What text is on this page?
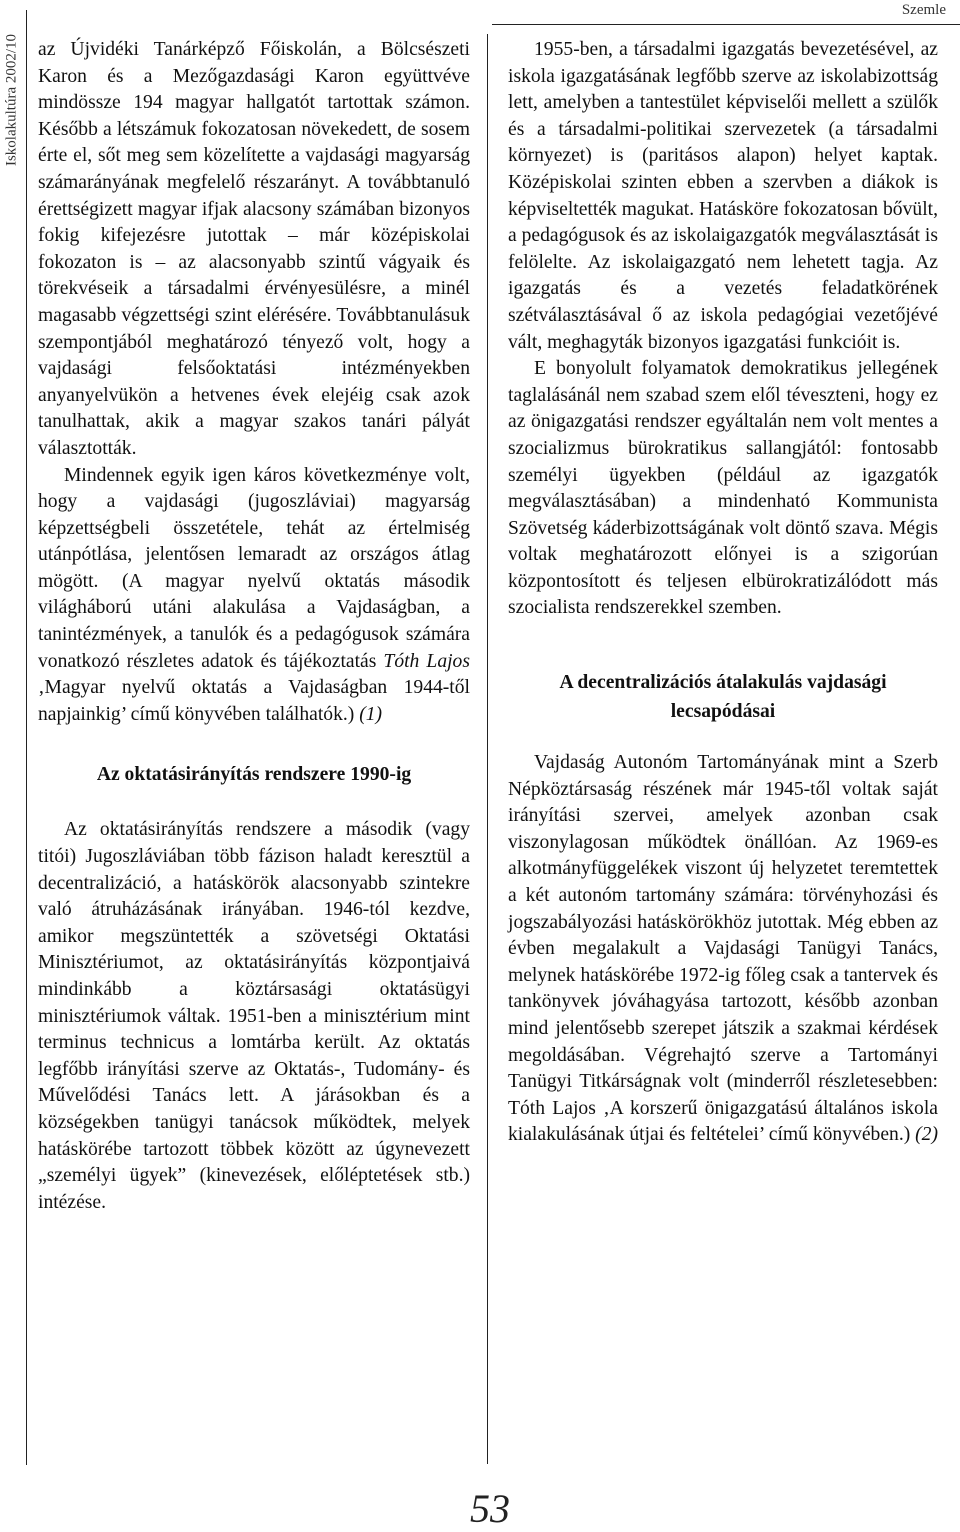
Iskolakultúra 2002/10
Szemle

az Újvidéki Tanárképző Főiskolán, a Bölcsészeti Karon és a Mezőgazdasági Karon együttvéve mindössze 194 magyar hallgatót tartottak számon. Később a létszámuk fokozatosan növekedett, de sosem érte el, sőt meg sem közelítette a vajdasági magyarság számarányának megfelelő részarányt. A továbbtanuló érettségizett magyar ifjak alacsony számában bizonyos fokig kifejezésre jutottak – már középiskolai fokozaton is – az alacsonyabb szintű vágyaik és törekvéseik a társadalmi érvényesülésre, a minél magasabb végzettségi szint elérésére. Továbbtanulásuk szempontjából meghatározó tényező volt, hogy a vajdasági felsőoktatási intézményekben anyanyelvükön a hetvenes évek elejéig csak azok tanulhattak, akik a magyar szakos tanári pályát választották.

Mindennek egyik igen káros következménye volt, hogy a vajdasági (jugoszláviai) magyarság képzettségbeli összetétele, tehát az értelmiség utánpótlása, jelentősen lemaradt az országos átlag mögött. (A magyar nyelvű oktatás második világháború utáni alakulása a Vajdaságban, a tanintézmények, a tanulók és a pedagógusok számára vonatkozó részletes adatok és tájékoztatás Tóth Lajos ‚Magyar nyelvű oktatás a Vajdaságban 1944-től napjainkig’ című könyvében találhatók.) (1)

Az oktatásirányítás rendszere 1990-ig

Az oktatásirányítás rendszere a második (vagy titói) Jugoszláviában több fázison haladt keresztül a decentralizáció, a hatáskörök alacsonyabb szintekre való átruházásának irányában. 1946-tól kezdve, amikor megszüntették a szövetségi Oktatási Minisztériumot, az oktatásirányítás központjaivá mindinkább a köztársasági oktatásügyi minisztériumok váltak. 1951-ben a minisztérium mint terminus technicus a lomtárba került. Az oktatás legfőbb irányítási szerve az Oktatás-, Tudomány- és Művelődési Tanács lett. A járásokban és a községekben tanügyi tanácsok működtek, melyek hatáskörébe tartozott többek között az úgynevezett „személyi ügyek” (kinevezések, előléptetések stb.) intézése.

1955-ben, a társadalmi igazgatás bevezetésével, az iskola igazgatásának legfőbb szerve az iskolabizottság lett, amelyben a tantestület képviselői mellett a szülők és a társadalmi-politikai szervezetek (a társadalmi környezet) is (paritásos alapon) helyet kaptak. Középiskolai szinten ebben a szervben a diákok is képviseltették magukat. Hatásköre fokozatosan bővült, a pedagógusok és az iskolaigazgatók megválasztását is felölelte. Az iskolaigazgató nem lehetett tagja. Az igazgatás és a vezetés feladatkörének szétválasztásával ő az iskola pedagógiai vezetőjévé vált, meghagyták bizonyos igazgatási funkcióit is.

E bonyolult folyamatok demokratikus jellegének taglalásánál nem szabad szem elől téveszteni, hogy ez az önigazgatási rendszer egyáltalán nem volt mentes a szocializmus bürokratikus sallangjától: fontosabb személyi ügyekben (például az igazgatók megválasztásában) a mindenható Kommunista Szövetség káderbizottságának volt döntő szava. Mégis voltak meghatározott előnyei is a szigorúan központosított és teljesen elbürokratizálódott más szocialista rendszerekkel szemben.

A decentralizációs átalakulás vajdasági lecsapódásai

Vajdaság Autonóm Tartományának mint a Szerb Népköztársaság részének már 1945-től voltak saját irányítási szervei, amelyek azonban csak viszonylagosan működtek önállóan. Az 1969-es alkotmányfüggelékek viszont új helyzetet teremtettek a két autonóm tartomány számára: törvényhozási és jogszabályozási hatáskörökhöz jutottak. Még ebben az évben megalakult a Vajdasági Tanügyi Tanács, melynek hatáskörébe 1972-ig főleg csak a tantervek és tankönyvek jóváhagyása tartozott, később azonban mind jelentősebb szerepet játszik a szakmai kérdések megoldásában. Végrehajtó szerve a Tartományi Tanügyi Titkárságnak volt (minderről részletesebben: Tóth Lajos ‚A korszerű önigazgatású általános iskola kialakulásának útjai és feltételei’ című könyvében.) (2)

53
